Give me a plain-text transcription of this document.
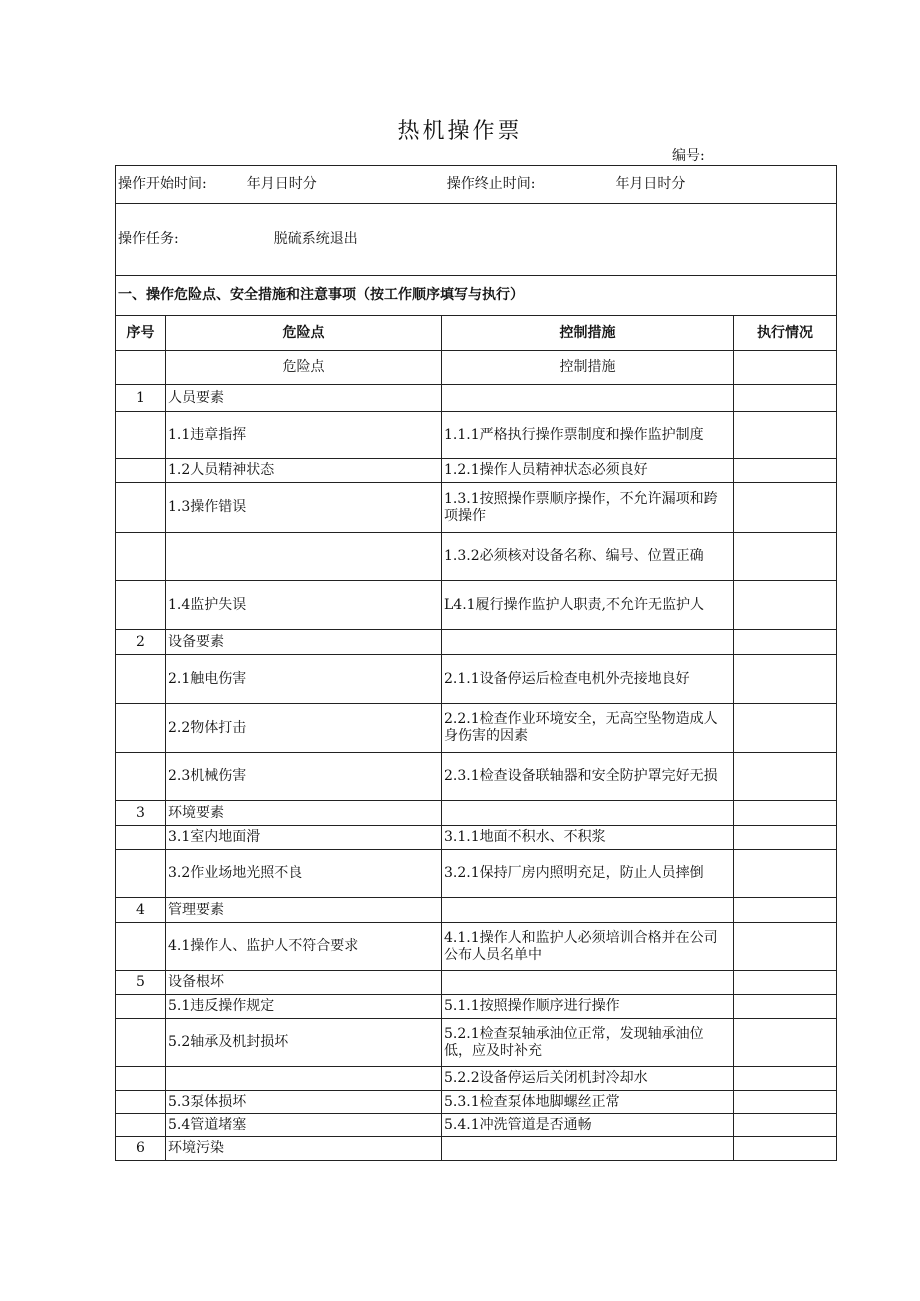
热机操作票
编号:
操作开始时间: 年月日时分 操作终止时间: 年月日时分			
操作任务: 脱硫系统退出			
一、操作危险点、安全措施和注意事项（按工作顺序填写与执行）			
序号	危险点	控制措施	执行情况
	危险点	控制措施	
1	人员要素		
	1.1违章指挥	1.1.1严格执行操作票制度和操作监护制度	
	1.2人员精神状态	1.2.1操作人员精神状态必须良好	
	1.3操作错误	1.3.1按照操作票顺序操作，不允许漏项和跨项操作	
		1.3.2必须核对设备名称、编号、位置正确	
	1.4监护失误	L4.1履行操作监护人职责,不允许无监护人	
2	设备要素		
	2.1触电伤害	2.1.1设备停运后检查电机外壳接地良好	
	2.2物体打击	2.2.1检查作业环境安全，无高空坠物造成人身伤害的因素	
	2.3机械伤害	2.3.1检查设备联轴器和安全防护罩完好无损	
3	环境要素		
	3.1室内地面滑	3.1.1地面不积水、不积浆	
	3.2作业场地光照不良	3.2.1保持厂房内照明充足，防止人员摔倒	
4	管理要素		
	4.1操作人、监护人不符合要求	4.1.1操作人和监护人必须培训合格并在公司公布人员名单中	
5	设备根坏		
	5.1违反操作规定	5.1.1按照操作顺序进行操作	
	5.2轴承及机封损坏	5.2.1检查泵轴承油位正常，发现轴承油位低，应及时补充	
		5.2.2设备停运后关闭机封冷却水	
	5.3泵体损坏	5.3.1检查泵体地脚螺丝正常	
	5.4管道堵塞	5.4.1冲洗管道是否通畅	
6	环境污染		
